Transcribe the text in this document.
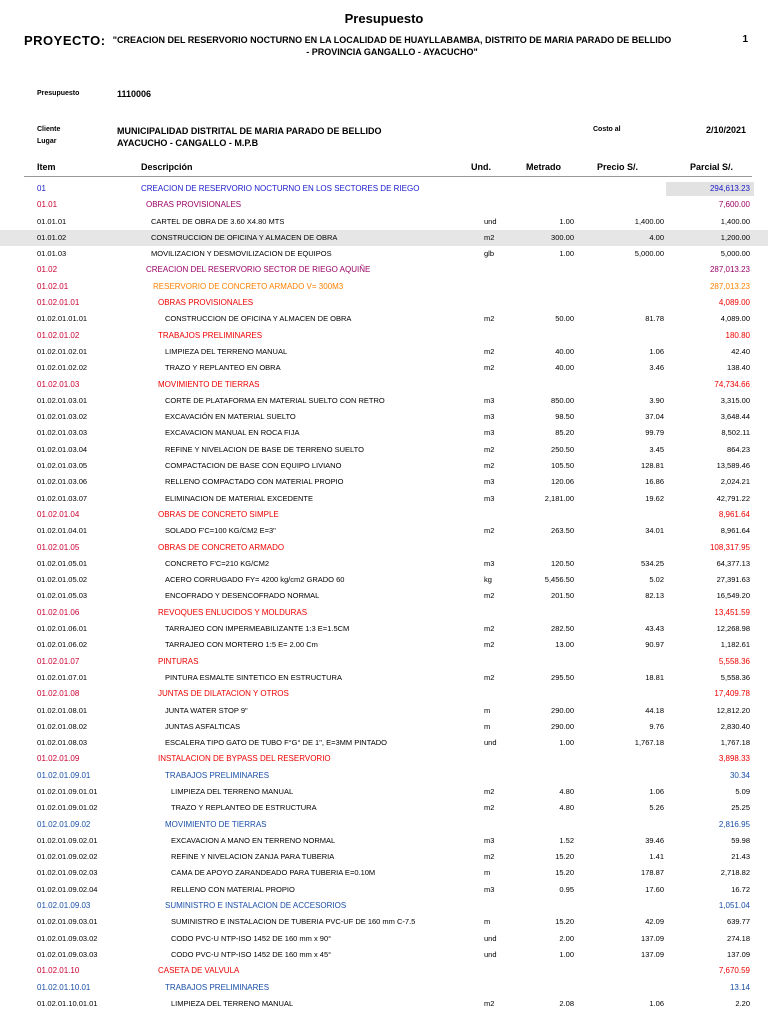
Presupuesto
PROYECTO: "CREACION DEL RESERVORIO NOCTURNO EN LA LOCALIDAD DE HUAYLLABAMBA, DISTRITO DE MARIA PARADO DE BELLIDO - PROVINCIA GANGALLO - AYACUCHO"
1
Presupuesto	1110006
Cliente
Lugar
MUNICIPALIDAD DISTRITAL DE MARIA PARADO DE BELLIDO
AYACUCHO - CANGALLO - M.P.B
Costo al	2/10/2021
Item	Descripción	Und.	Metrado	Precio S/.	Parcial S/.
01	CREACION DE RESERVORIO NOCTURNO EN LOS SECTORES DE RIEGO	294,613.23
01.01	OBRAS PROVISIONALES	7,600.00
01.01.01	CARTEL DE OBRA DE 3.60 X4.80 MTS	und	1.00	1,400.00	1,400.00
01.01.02	CONSTRUCCION DE OFICINA Y ALMACEN DE OBRA	m2	300.00	4.00	1,200.00
01.01.03	MOVILIZACION Y DESMOVILIZACION DE EQUIPOS	glb	1.00	5,000.00	5,000.00
01.02	CREACION DEL RESERVORIO SECTOR DE RIEGO AQUIÑE	287,013.23
01.02.01	RESERVORIO DE CONCRETO ARMADO V= 300M3	287,013.23
01.02.01.01	OBRAS PROVISIONALES	4,089.00
01.02.01.01.01	CONSTRUCCION DE OFICINA Y ALMACEN DE OBRA	m2	50.00	81.78	4,089.00
01.02.01.02	TRABAJOS PRELIMINARES	180.80
01.02.01.02.01	LIMPIEZA DEL TERRENO MANUAL	m2	40.00	1.06	42.40
01.02.01.02.02	TRAZO Y REPLANTEO EN OBRA	m2	40.00	3.46	138.40
01.02.01.03	MOVIMIENTO DE TIERRAS	74,734.66
01.02.01.03.01	CORTE DE PLATAFORMA EN MATERIAL SUELTO CON RETRO	m3	850.00	3.90	3,315.00
01.02.01.03.02	EXCAVACIÓN EN MATERIAL SUELTO	m3	98.50	37.04	3,648.44
01.02.01.03.03	EXCAVACION MANUAL EN ROCA FIJA	m3	85.20	99.79	8,502.11
01.02.01.03.04	REFINE Y NIVELACION DE BASE DE TERRENO SUELTO	m2	250.50	3.45	864.23
01.02.01.03.05	COMPACTACION DE BASE CON EQUIPO LIVIANO	m2	105.50	128.81	13,589.46
01.02.01.03.06	RELLENO COMPACTADO CON MATERIAL PROPIO	m3	120.06	16.86	2,024.21
01.02.01.03.07	ELIMINACION DE MATERIAL EXCEDENTE	m3	2,181.00	19.62	42,791.22
01.02.01.04	OBRAS DE CONCRETO SIMPLE	8,961.64
01.02.01.04.01	SOLADO F'C=100 KG/CM2 E=3"	m2	263.50	34.01	8,961.64
01.02.01.05	OBRAS DE CONCRETO ARMADO	108,317.95
01.02.01.05.01	CONCRETO F'C=210 KG/CM2	m3	120.50	534.25	64,377.13
01.02.01.05.02	ACERO CORRUGADO FY= 4200 kg/cm2 GRADO 60	kg	5,456.50	5.02	27,391.63
01.02.01.05.03	ENCOFRADO Y DESENCOFRADO NORMAL	m2	201.50	82.13	16,549.20
01.02.01.06	REVOQUES ENLUCIDOS Y MOLDURAS	13,451.59
01.02.01.06.01	TARRAJEO CON IMPERMEABILIZANTE 1:3 E=1.5CM	m2	282.50	43.43	12,268.98
01.02.01.06.02	TARRAJEO CON MORTERO 1:5 E= 2.00 Cm	m2	13.00	90.97	1,182.61
01.02.01.07	PINTURAS	5,558.36
01.02.01.07.01	PINTURA ESMALTE SINTETICO EN ESTRUCTURA	m2	295.50	18.81	5,558.36
01.02.01.08	JUNTAS DE DILATACION Y OTROS	17,409.78
01.02.01.08.01	JUNTA WATER STOP 9"	m	290.00	44.18	12,812.20
01.02.01.08.02	JUNTAS ASFALTICAS	m	290.00	9.76	2,830.40
01.02.01.08.03	ESCALERA TIPO GATO DE TUBO F°G° DE 1", E=3MM PINTADO	und	1.00	1,767.18	1,767.18
01.02.01.09	INSTALACION DE BYPASS DEL RESERVORIO	3,898.33
01.02.01.09.01	TRABAJOS PRELIMINARES	30.34
01.02.01.09.01.01	LIMPIEZA DEL TERRENO MANUAL	m2	4.80	1.06	5.09
01.02.01.09.01.02	TRAZO Y REPLANTEO DE ESTRUCTURA	m2	4.80	5.26	25.25
01.02.01.09.02	MOVIMIENTO DE TIERRAS	2,816.95
01.02.01.09.02.01	EXCAVACION A MANO EN TERRENO NORMAL	m3	1.52	39.46	59.98
01.02.01.09.02.02	REFINE Y NIVELACION ZANJA PARA TUBERIA	m2	15.20	1.41	21.43
01.02.01.09.02.03	CAMA DE APOYO ZARANDEADO PARA TUBERIA E=0.10M	m	15.20	178.87	2,718.82
01.02.01.09.02.04	RELLENO CON MATERIAL PROPIO	m3	0.95	17.60	16.72
01.02.01.09.03	SUMINISTRO E INSTALACION DE ACCESORIOS	1,051.04
01.02.01.09.03.01	SUMINISTRO E INSTALACION DE TUBERIA PVC-UF DE 160 mm C-7.5	m	15.20	42.09	639.77
01.02.01.09.03.02	CODO PVC-U NTP-ISO 1452 DE 160 mm x 90°	und	2.00	137.09	274.18
01.02.01.09.03.03	CODO PVC-U NTP-ISO 1452 DE 160 mm x 45°	und	1.00	137.09	137.09
01.02.01.10	CASETA DE VALVULA	7,670.59
01.02.01.10.01	TRABAJOS PRELIMINARES	13.14
01.02.01.10.01.01	LIMPIEZA DEL TERRENO MANUAL	m2	2.08	1.06	2.20
